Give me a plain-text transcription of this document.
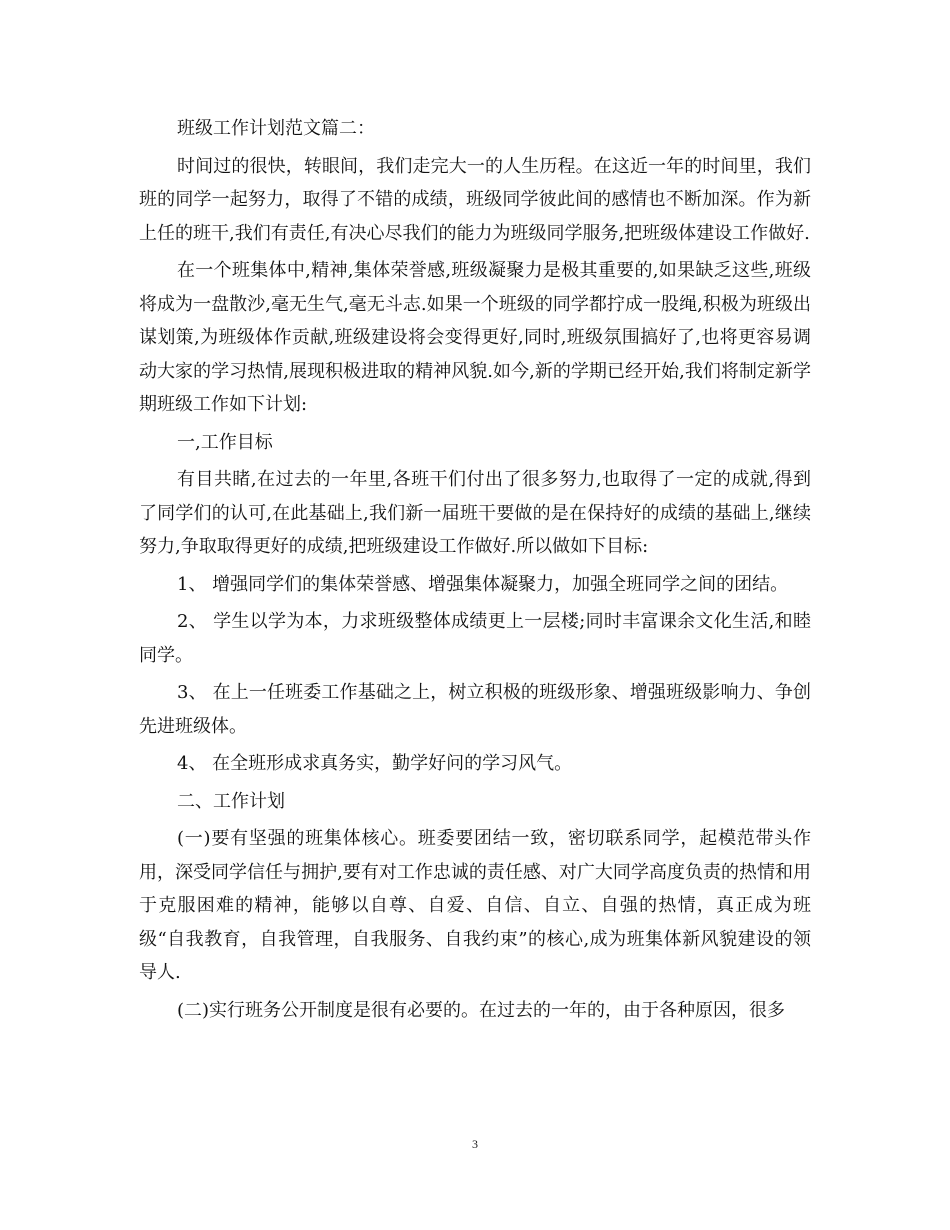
班级工作计划范文篇二：

时间过的很快，转眼间，我们走完大一的人生历程。在这近一年的时间里，我们班的同学一起努力，取得了不错的成绩，班级同学彼此间的感情也不断加深。作为新上任的班干,我们有责任,有决心尽我们的能力为班级同学服务,把班级体建设工作做好.

在一个班集体中,精神,集体荣誉感,班级凝聚力是极其重要的,如果缺乏这些,班级将成为一盘散沙,毫无生气,毫无斗志.如果一个班级的同学都拧成一股绳,积极为班级出谋划策,为班级体作贡献,班级建设将会变得更好,同时,班级氛围搞好了,也将更容易调动大家的学习热情,展现积极进取的精神风貌.如今,新的学期已经开始,我们将制定新学期班级工作如下计划:

一,工作目标

有目共睹,在过去的一年里,各班干们付出了很多努力,也取得了一定的成就,得到了同学们的认可,在此基础上,我们新一届班干要做的是在保持好的成绩的基础上,继续努力,争取取得更好的成绩,把班级建设工作做好.所以做如下目标:

1、 增强同学们的集体荣誉感、增强集体凝聚力，加强全班同学之间的团结。

2、 学生以学为本，力求班级整体成绩更上一层楼;同时丰富课余文化生活,和睦同学。

3、 在上一任班委工作基础之上，树立积极的班级形象、增强班级影响力、争创先进班级体。

4、 在全班形成求真务实，勤学好问的学习风气。

二、工作计划

(一)要有坚强的班集体核心。班委要团结一致，密切联系同学，起模范带头作用，深受同学信任与拥护,要有对工作忠诚的责任感、对广大同学高度负责的热情和用于克服困难的精神，能够以自尊、自爱、自信、自立、自强的热情，真正成为班级“自我教育，自我管理，自我服务、自我约束”的核心,成为班集体新风貌建设的领导人.

(二)实行班务公开制度是很有必要的。在过去的一年的，由于各种原因，很多

3
